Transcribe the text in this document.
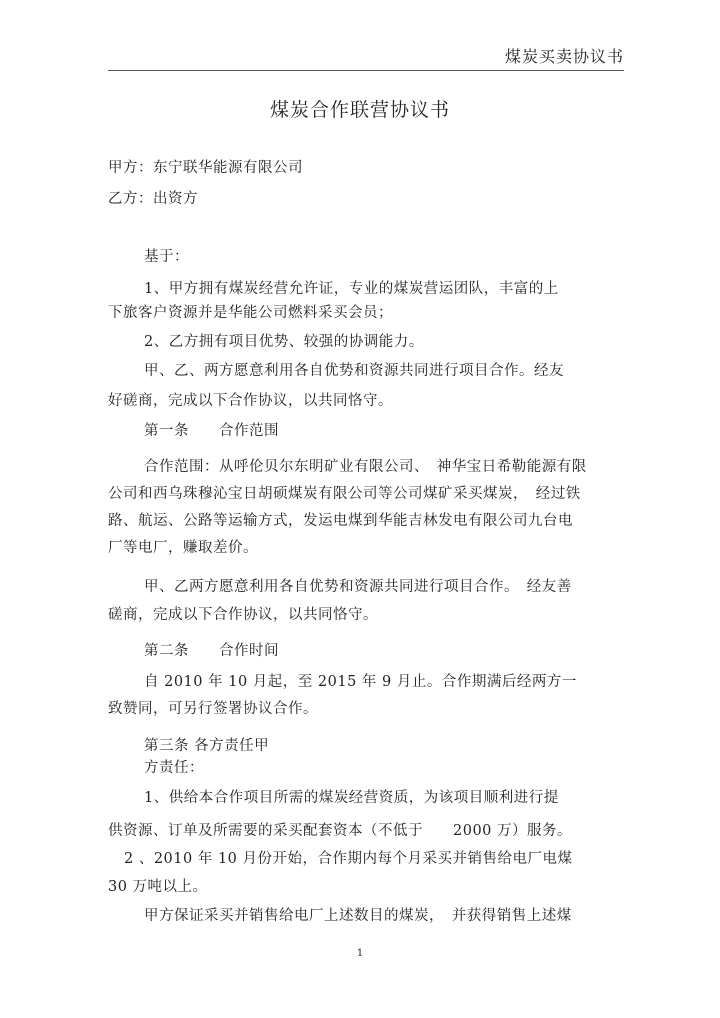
煤炭买卖协议书
煤炭合作联营协议书
甲方：东宁联华能源有限公司
乙方：出资方
基于：
1、甲方拥有煤炭经营允许证，专业的煤炭营运团队，丰富的上
下旅客户资源并是华能公司燃料采买会员；
2、乙方拥有项目优势、较强的协调能力。
甲、乙、两方愿意利用各自优势和资源共同进行项目合作。经友
好磋商，完成以下合作协议，以共同恪守。
第一条　　合作范围
合作范围：从呼伦贝尔东明矿业有限公司、　神华宝日希勒能源有限
公司和西乌珠穆沁宝日胡硕煤炭有限公司等公司煤矿采买煤炭，　经过铁
路、航运、公路等运输方式，发运电煤到华能吉林发电有限公司九台电
厂等电厂，赚取差价。
甲、乙两方愿意利用各自优势和资源共同进行项目合作。　经友善
磋商，完成以下合作协议，以共同恪守。
第二条　　合作时间
自 2010 年 10 月起，至 2015 年 9 月止。合作期满后经两方一
致赞同，可另行签署协议合作。
第三条 各方责任甲
方责任：
1、供给本合作项目所需的煤炭经营资质，为该项目顺利进行提
供资源、订单及所需要的采买配套资本（不低于　　2000 万）服务。
2 、2010 年 10 月份开始，合作期内每个月采买并销售给电厂电煤
30 万吨以上。
甲方保证采买并销售给电厂上述数目的煤炭，　并获得销售上述煤
1
